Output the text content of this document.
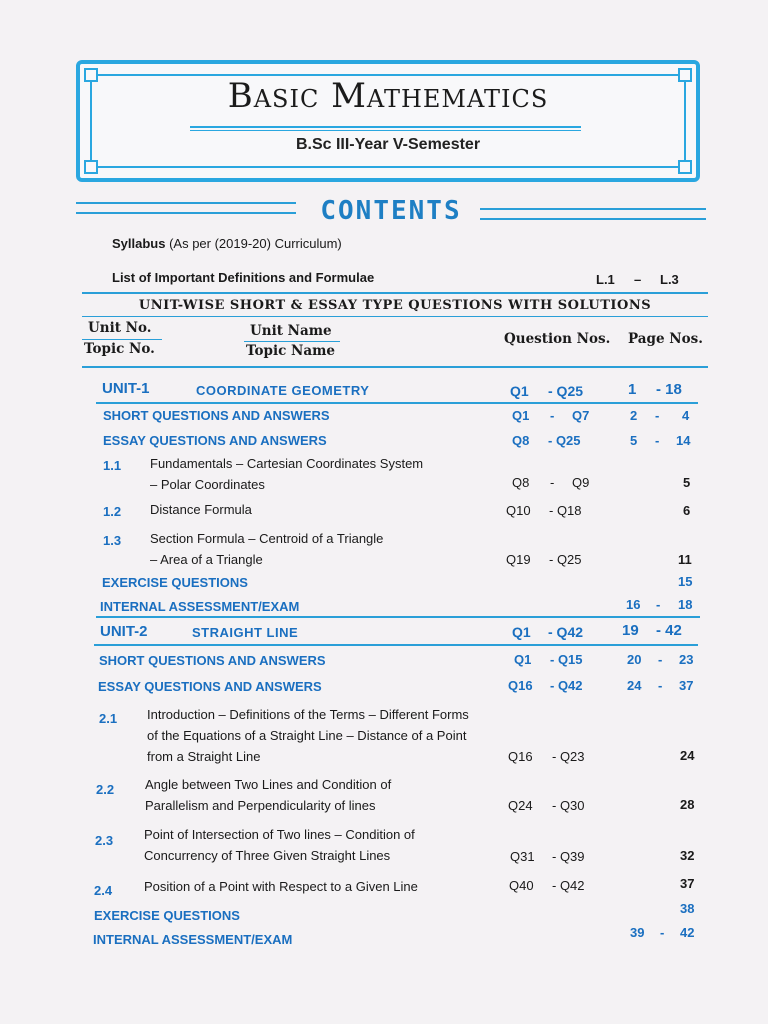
Basic Mathematics
B.Sc III-Year V-Semester
CONTENTS
Syllabus (As per (2019-20) Curriculum)
List of Important Definitions and Formulae	L.1 – L.3
UNIT-WISE SHORT & ESSAY TYPE QUESTIONS WITH SOLUTIONS
Unit No.
Topic No.
Unit Name
Topic Name
Question Nos. Page Nos.
UNIT-1	COORDINATE GEOMETRY	Q1 - Q25	1 - 18
SHORT QUESTIONS AND ANSWERS	Q1 - Q7	2 - 4
ESSAY QUESTIONS AND ANSWERS	Q8 - Q25	5 - 14
1.1 Fundamentals – Cartesian Coordinates System
– Polar Coordinates	Q8 - Q9	5
1.2 Distance Formula	Q10 - Q18	6
1.3 Section Formula – Centroid of a Triangle
– Area of a Triangle	Q19 - Q25	11
EXERCISE QUESTIONS	15
INTERNAL ASSESSMENT/EXAM	16 - 18
UNIT-2	STRAIGHT LINE	Q1 - Q42	19 - 42
SHORT QUESTIONS AND ANSWERS	Q1 - Q15	20 - 23
ESSAY QUESTIONS AND ANSWERS	Q16 - Q42	24 - 37
2.1 Introduction – Definitions of the Terms – Different Forms
of the Equations of a Straight Line – Distance of a Point
from a Straight Line	Q16 - Q23	24
2.2 Angle between Two Lines and Condition of
Parallelism and Perpendicularity of lines	Q24 - Q30	28
2.3 Point of Intersection of Two lines – Condition of
Concurrency of Three Given Straight Lines	Q31 - Q39	32
2.4 Position of a Point with Respect to a Given Line	Q40 - Q42	37
EXERCISE QUESTIONS	38
INTERNAL ASSESSMENT/EXAM	39 - 42
